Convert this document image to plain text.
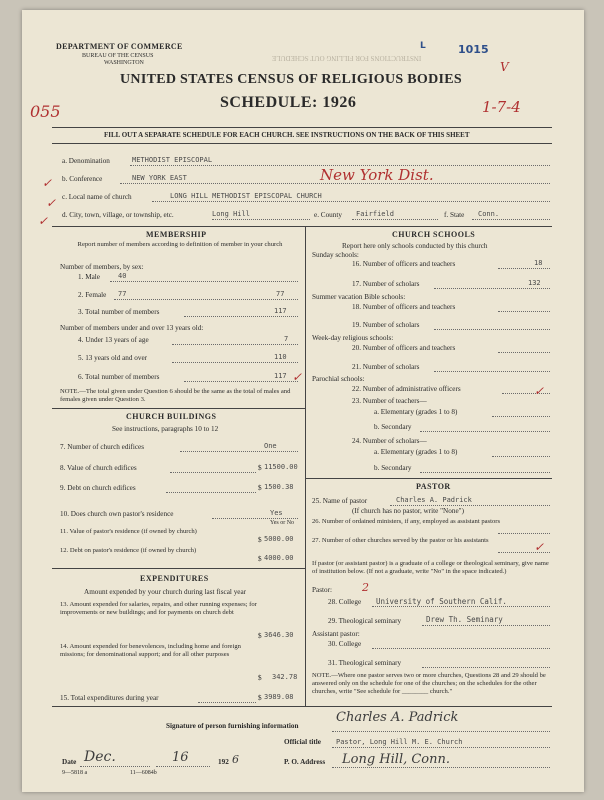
INSTRUCTIONS FOR FILLING OUT SCHEDULE
DEPARTMENT OF COMMERCE
BUREAU OF THE CENSUS
WASHINGTON
L	1015
V
UNITED STATES CENSUS OF RELIGIOUS BODIES
SCHEDULE: 1926
055	1-7-4
FILL OUT A SEPARATE SCHEDULE FOR EACH CHURCH. SEE INSTRUCTIONS ON THE BACK OF THIS SHEET
a. Denomination	METHODIST EPISCOPAL
b. Conference	NEW YORK EAST	New York Dist.
c. Local name of church	LONG HILL METHODIST EPISCOPAL CHURCH
d. City, town, village, or township, etc.	Long Hill	e. County Fairfield	f. State Conn.
MEMBERSHIP
Report number of members according to definition of member in your church
Number of members, by sex:
1. Male	40
2. Female 77	77
3. Total number of members	117
Number of members under and over 13 years old:
4. Under 13 years of age	7
5. 13 years old and over	110
6. Total number of members	117
NOTE.—The total given under Question 6 should be the same as the total of males and females given under Question 3.
CHURCH BUILDINGS
See instructions, paragraphs 10 to 12
7. Number of church edifices	One
8. Value of church edifices	$ 11500.00
9. Debt on church edifices	$ 1500.38
10. Does church own pastor's residence	Yes
Yes or No
11. Value of pastor's residence (if owned by church)
$ 5000.00
12. Debt on pastor's residence (if owned by church)
$ 4000.00
EXPENDITURES
Amount expended by your church during last fiscal year
13. Amount expended for salaries, repairs, and other running expenses; for improvements or new buildings; and for payments on church debt
$ 3646.30
14. Amount expended for benevolences, including home and foreign missions; for denominational support; and for all other purposes
$ 342.78
15. Total expenditures during year	$ 3989.08
CHURCH SCHOOLS
Report here only schools conducted by this church
Sunday schools:
16. Number of officers and teachers	18
17. Number of scholars	132
Summer vacation Bible schools:
18. Number of officers and teachers
19. Number of scholars
Week-day religious schools:
20. Number of officers and teachers
21. Number of scholars
Parochial schools:
22. Number of administrative officers
23. Number of teachers—
a. Elementary (grades 1 to 8)
b. Secondary
24. Number of scholars—
a. Elementary (grades 1 to 8)
b. Secondary
PASTOR
25. Name of pastor	Charles A. Padrick
(If church has no pastor, write "None")
26. Number of ordained ministers, if any, employed as assistant pastors
27. Number of other churches served by the pastor or his assistants
If pastor (or assistant pastor) is a graduate of a college or theological seminary, give name of institution below. (If not a graduate, write "No" in the space indicated.)
Pastor:	2
28. College University of Southern Calif.
29. Theological seminary	Drew Th. Seminary
Assistant pastor:
30. College
31. Theological seminary
NOTE.—Where one pastor serves two or more churches, Questions 28 and 29 should be answered only on the schedule for one of the churches; on the schedules for the other churches, write "See schedule for ________ church."
✓
✓
✓
✓
✓
✓
Signature of person furnishing information
Charles A. Padrick
Official title Pastor, Long Hill M. E. Church
Date Dec.	16	192 6	P. O. Address Long Hill, Conn.
9—5818 a	11—6084b
